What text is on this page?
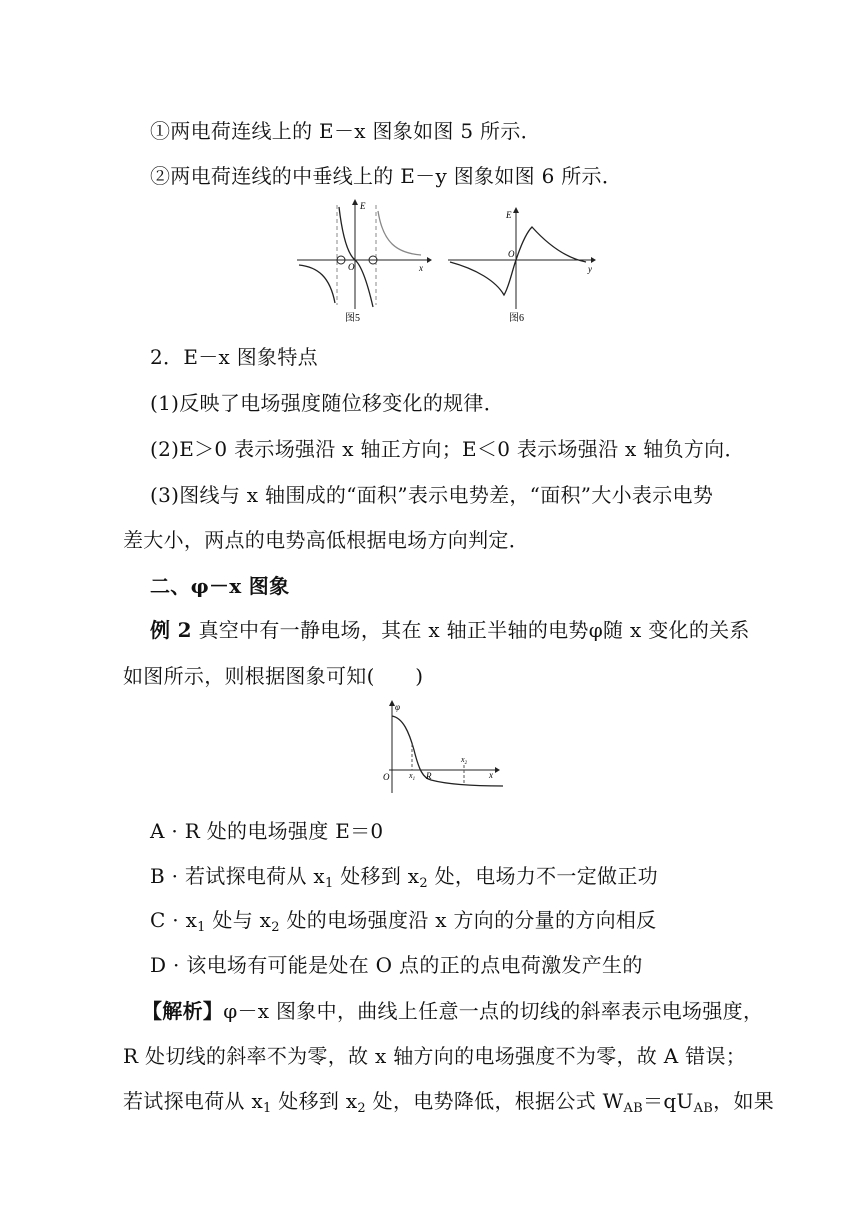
①两电荷连线上的 E－x 图象如图 5 所示．
②两电荷连线的中垂线上的 E－y 图象如图 6 所示．
E
O	x
图5
E
O
y
图6
2．E－x 图象特点
(1)反映了电场强度随位移变化的规律．
(2)E＞0 表示场强沿 x 轴正方向；E＜0 表示场强沿 x 轴负方向．
(3)图线与 x 轴围成的“面积”表示电势差，“面积”大小表示电势
差大小，两点的电势高低根据电场方向判定．
二、φ－x 图象
例 2 真空中有一静电场，其在 x 轴正半轴的电势φ随 x 变化的关系
如图所示，则根据图象可知(　　)
φ
O $x_1$ R
$x_2$
x
A · R 处的电场强度 E＝0
B · 若试探电荷从 $x_1$ 处移到 $x_2$ 处，电场力不一定做正功
$C \cdot x_1$ 处与 $x_2$ 处的电场强度沿 x 方向的分量的方向相反
D · 该电场有可能是处在 O 点的正的点电荷激发产生的
【解析】φ－x 图象中，曲线上任意一点的切线的斜率表示电场强度，
R 处切线的斜率不为零，故 x 轴方向的电场强度不为零，故 A 错误；
若试探电荷从 $x_1$ 处移到 $x_2$ 处，电势降低，根据公式 $W_{AB}=qU_{AB}$，如果
